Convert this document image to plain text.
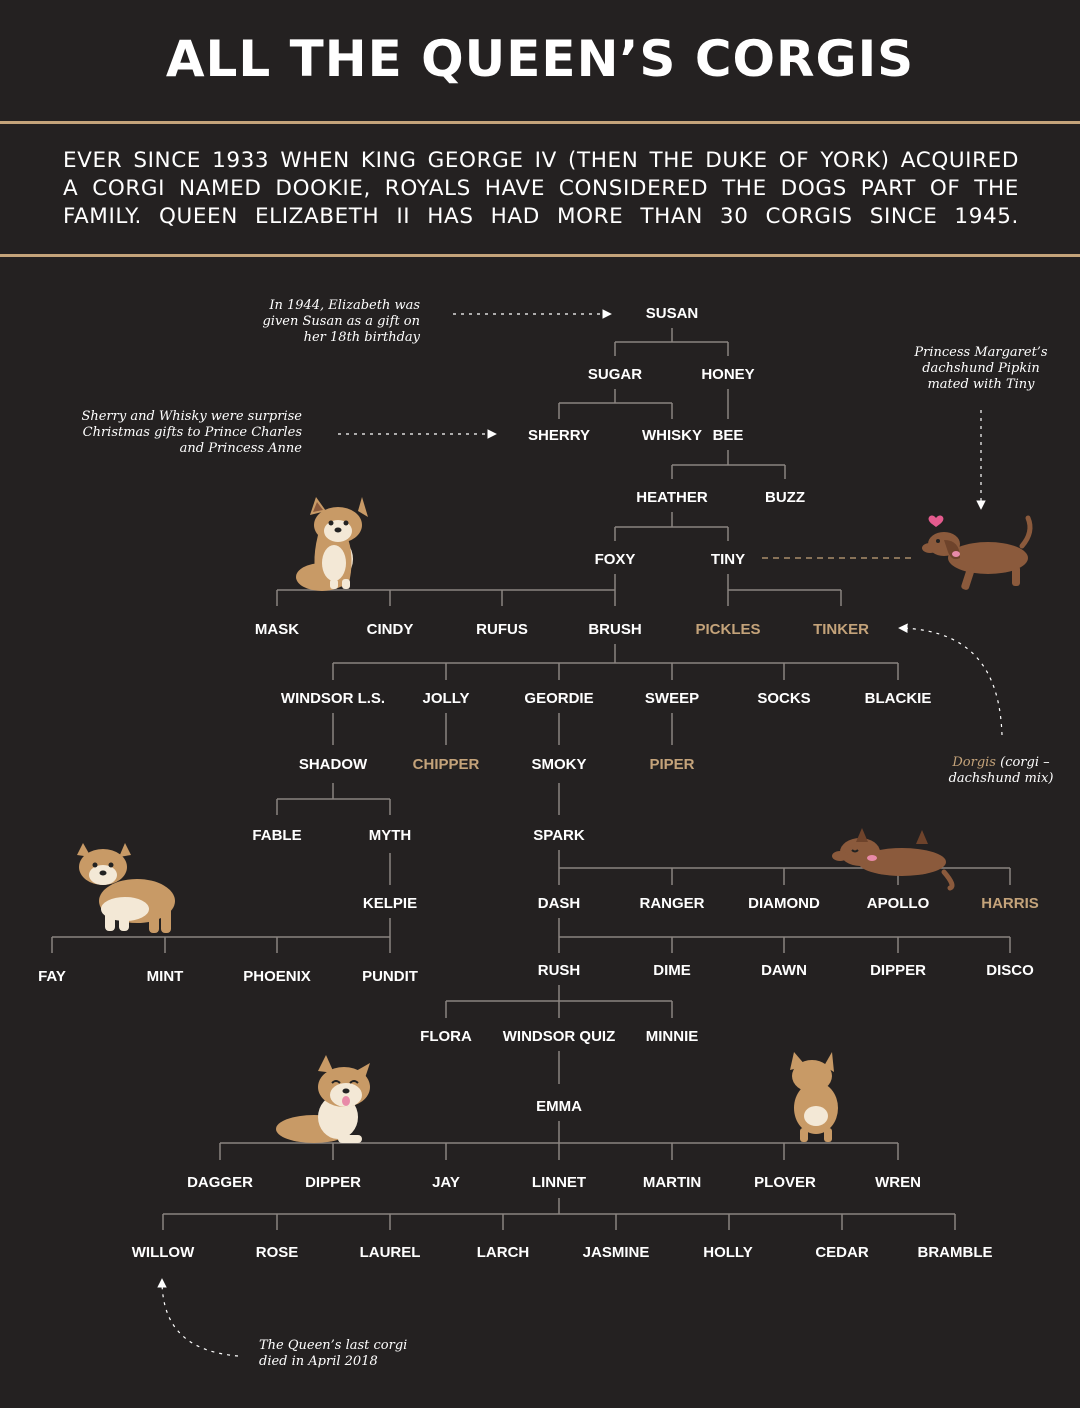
ALL THE QUEEN’S CORGIS
EVER SINCE 1933 WHEN KING GEORGE IV (THEN THE DUKE OF YORK) ACQUIRED
A CORGI NAMED DOOKIE, ROYALS HAVE CONSIDERED THE DOGS PART OF THE
FAMILY. QUEEN ELIZABETH II HAS HAD MORE THAN 30 CORGIS SINCE 1945.
SUSAN
SUGAR	HONEY
SHERRY	WHISKY BEE
HEATHER	BUZZ
FOXY	TINY
MASK	CINDY	RUFUS	BRUSH	PICKLES	TINKER
WINDSOR L.S. JOLLY	GEORDIE	SWEEP	SOCKS	BLACKIE
SHADOW	CHIPPER	SMOKY	PIPER
FABLE	MYTH	SPARK
KELPIE	DASH	RANGER	DIAMOND	APOLLO	HARRIS
FAY	MINT	PHOENIX	PUNDIT	RUSH	DIME	DAWN	DIPPER	DISCO
FLORA WINDSOR QUIZ MINNIE
EMMA
DAGGER	DIPPER	JAY	LINNET	MARTIN	PLOVER	WREN
WILLOW	ROSE	LAUREL	LARCH	JASMINE	HOLLY	CEDAR	BRAMBLE
In 1944, Elizabeth was
given Susan as a gift on
her 18th birthday
Sherry and Whisky were surprise
Christmas gifts to Prince Charles
and Princess Anne
Princess Margaret’s
dachshund Pipkin
mated with Tiny
Dorgis (corgi –
dachshund mix)
The Queen’s last corgi
died in April 2018
